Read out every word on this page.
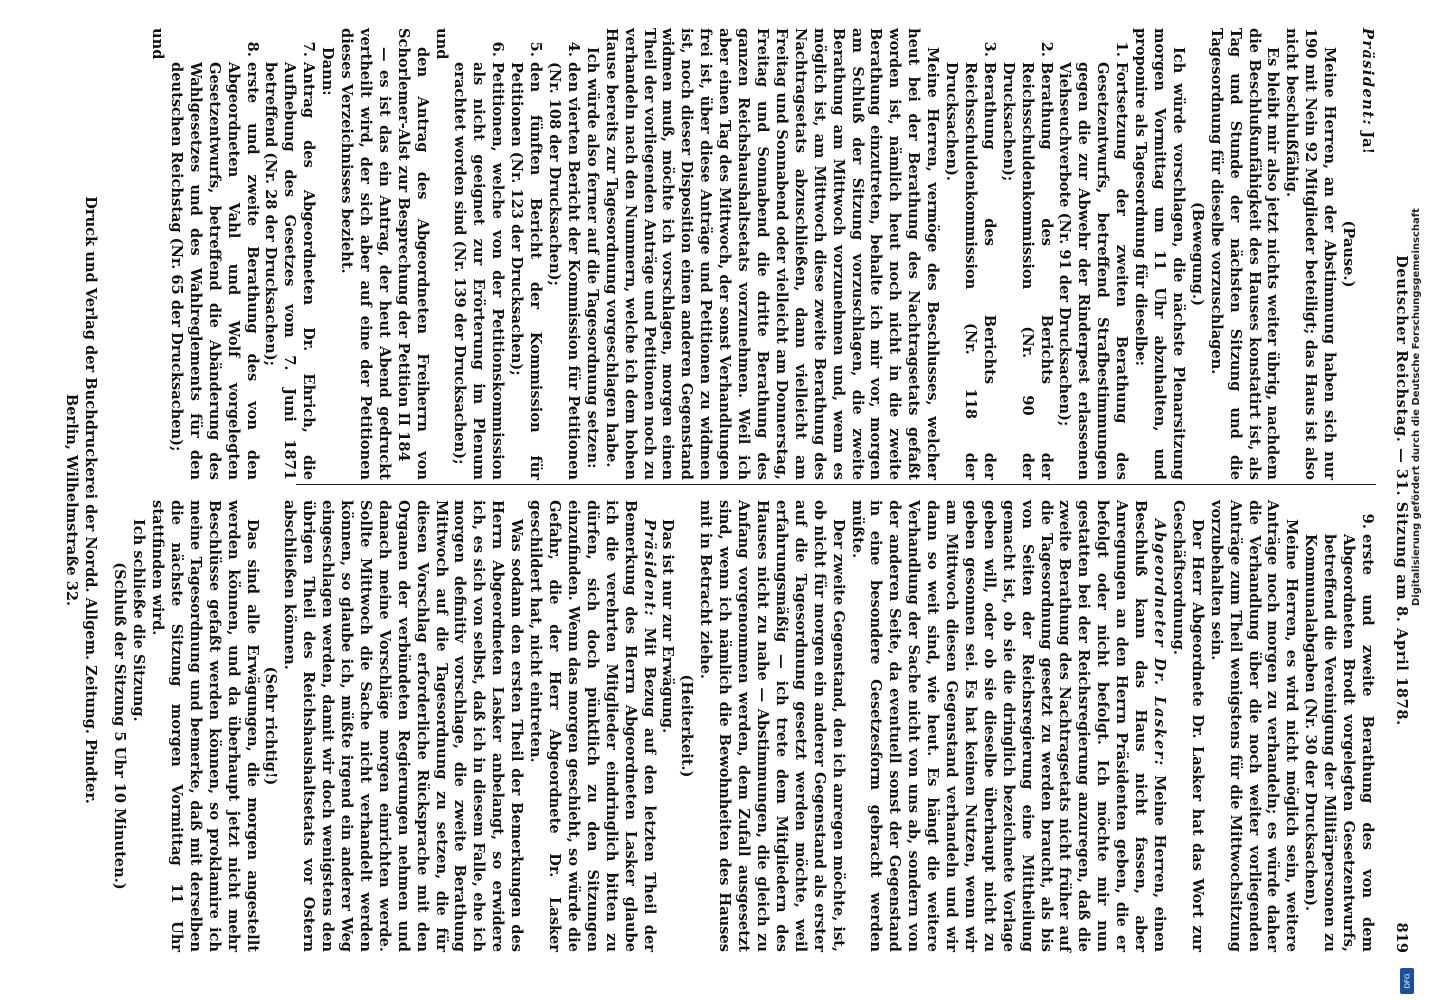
Deutscher Reichstag. — 31. Sitzung am 8. April 1878.
819

Präsident: Ja!

(Pause.)

Meine Herren, an der Abstimmung haben sich nur 190 mit Nein 92 Mitglieder beteiligt; das Haus ist also nicht beschlußfähig.

Es bleibt mir also jetzt nichts weiter übrig, nachdem die Beschlußunfähigkeit des Hauses konstatirt ist, als Tag und Stunde der nächsten Sitzung und die Tagesordnung für dieselbe vorzuschlagen.

(Bewegung.)

Ich würde vorschlagen, die nächste Plenarsitzung morgen Vormittag um 11 Uhr abzuhalten, und proponire als Tagesordnung für dieselbe:

1. Fortsetzung der zweiten Berathung des Gesetzentwurfs, betreffend Strafbestimmungen gegen die zur Abwehr der Rinderpest erlassenen Viehseuchverbote (Nr. 91 der Drucksachen);
2. Berathung des Berichts der Reichsschuldenkommission (Nr. 90 der Drucksachen);
3. Berathung des Berichts der Reichsschuldenkommission (Nr. 118 der Drucksachen).

Meine Herren, vermöge des Beschlusses, welcher heut bei der Berathung des Nachtragsetats gefaßt worden ist, nämlich heut noch nicht in die zweite Berathung einzutreten, behalte ich mir vor, morgen am Schluß der Sitzung vorzuschlagen, die zweite Berathung am Mittwoch vorzunehmen und, wenn es möglich ist, am Mittwoch diese zweite Berathung des Nachtragsetats abzuschließen, dann vielleicht am Freitag und Sonnabend oder vielleicht am Donnerstag, Freitag und Sonnabend die dritte Berathung des ganzen Reichshaushaltsetats vorzunehmen. Weil ich aber einen Tag des Mittwoch, der sonst Verhandlungen frei ist, über diese Anträge und Petitionen zu widmen ist, noch dieser Disposition einen anderen Gegenstand widmen muß, möchte ich vorschlagen, morgen einen Theil der vorliegenden Anträge und Petitionen noch zu verhandeln nach den Nummern, welche ich dem hohen Hause bereits zur Tagesordnung vorgeschlagen habe.

Ich würde also ferner auf die Tagesordnung setzen:

4. den vierten Bericht der Kommission für Petitionen (Nr. 108 der Drucksachen);
5. den fünften Bericht der Kommission für Petitionen (Nr. 123 der Drucksachen);
6. Petitionen, welche von der Petitionskommission als nicht geeignet zur Erörterung im Plenum erachtet worden sind (Nr. 139 der Drucksachen);

und

den Antrag des Abgeordneten Freiherrn von Schorlemer-Alst zur Besprechung der Petition II 184

— es ist das ein Antrag, der heut Abend gedruckt vertheilt wird, der sich aber auf eine der Petitionen dieses Verzeichnisses bezieht.

Dann:

7. Antrag des Abgeordneten Dr. Ehrich, die Aufhebung des Gesetzes vom 7. Juni 1871 betreffend (Nr. 28 der Drucksachen);
8. erste und zweite Berathung des von den Abgeordneten Vahl und Wolf vorgelegten Gesetzentwurfs, betreffend die Abänderung des Wahlgesetzes und des Wahlreglements für den deutschen Reichstag (Nr. 65 der Drucksachen);

und

9. erste und zweite Berathung des von dem Abgeordneten Brodt vorgelegten Gesetzentwurfs, betreffend die Vereinigung der Militärpersonen zu Kommunalabgaben (Nr. 30 der Drucksachen).

Meine Herren, es wird nicht möglich sein, weitere Anträge noch morgen zu verhandeln; es würde daher die Verhandlung über die noch weiter vorliegenden Anträge zum Theil wenigstens für die Mittwochsitzung vorzubehalten sein.

Der Herr Abgeordnete Dr. Lasker hat das Wort zur Geschäftsordnung.

Abgeordneter Dr. Lasker: Meine Herren, einen Beschluß kann das Haus nicht fassen, aber Anregungen an den Herrn Präsidenten geben, die er befolgt oder nicht befolgt. Ich möchte mir nun gestatten bei der Reichsregierung anzuregen, daß die zweite Berathung des Nachtragsetats nicht früher auf die Tagesordnung gesetzt zu werden braucht, als bis von Seiten der Reichsregierung eine Mittheilung gemacht ist, ob sie die dringlich bezeichnete Vorlage geben will, oder ob sie dieselbe überhaupt nicht zu geben gesonnen sei. Es hat keinen Nutzen, wenn wir am Mittwoch diesen Gegenstand verhandeln und wir dann so weit sind, wie heut. Es hängt die weitere Verhandlung der Sache nicht von uns ab, sondern von der anderen Seite, da eventuell sonst der Gegenstand in eine besondere Gesetzesform gebracht werden müßte.

Der zweite Gegenstand, den ich anregen möchte, ist, ob nicht für morgen ein anderer Gegenstand als erster auf die Tagesordnung gesetzt werden möchte, weil erfahrungsmäßig — ich trete dem Mitgliedern des Hauses nicht zu nahe — Abstimmungen, die gleich zu Anfang vorgenommen werden, dem Zufall ausgesetzt sind, wenn ich nämlich die Bewohnheiten des Hauses mit in Betracht ziehe.

(Heiterkeit.)

Das ist nur zur Erwägung.

Präsident: Mit Bezug auf den letzten Theil der Bemerkung des Herrn Abgeordneten Lasker glaube ich die verehrten Mitglieder eindringlich bitten zu dürfen, sich doch pünktlich zu den Sitzungen einzufinden. Wenn das morgen geschieht, so würde die Gefahr, die der Herr Abgeordnete Dr. Lasker geschildert hat, nicht eintreten.

Was sodann den ersten Theil der Bemerkungen des Herrn Abgeordneten Lasker anbelangt, so erwidere ich, es sich von selbst, daß ich in diesem Falle, ehe ich morgen definitiv vorschlage, die zweite Berathung Mittwoch auf die Tagesordnung zu setzen, die für diesen Vorschlag erforderliche Rücksprache mit den Organen der verbündeten Regierungen nehmen und danach meine Vorschläge morgen einrichten werde. Sollte Mittwoch die Sache nicht verhandelt werden können, so glaube ich, müßte irgend ein anderer Weg eingeschlagen werden, damit wir doch wenigstens den übrigen Theil des Reichshaushaltsetats vor Ostern abschließen können.

(Sehr richtig!)

Das sind alle Erwägungen, die morgen angestellt werden können, und da überhaupt jetzt nicht mehr Beschlüsse gefaßt werden können, so proklamire ich meine Tagesordnung und bemerke, daß mit derselben die nächste Sitzung morgen Vormittag 11 Uhr stattfinden wird.

Ich schließe die Sitzung.

(Schluß der Sitzung 5 Uhr 10 Minuten.)

Druck und Verlag der Buchdruckerei der Nordd. Allgem. Zeitung. Pindter.
Berlin, Wilhelmstraße 32.	Digitalisierung gefördert durch die Deutsche Forschungsgemeinschaft
DFG
